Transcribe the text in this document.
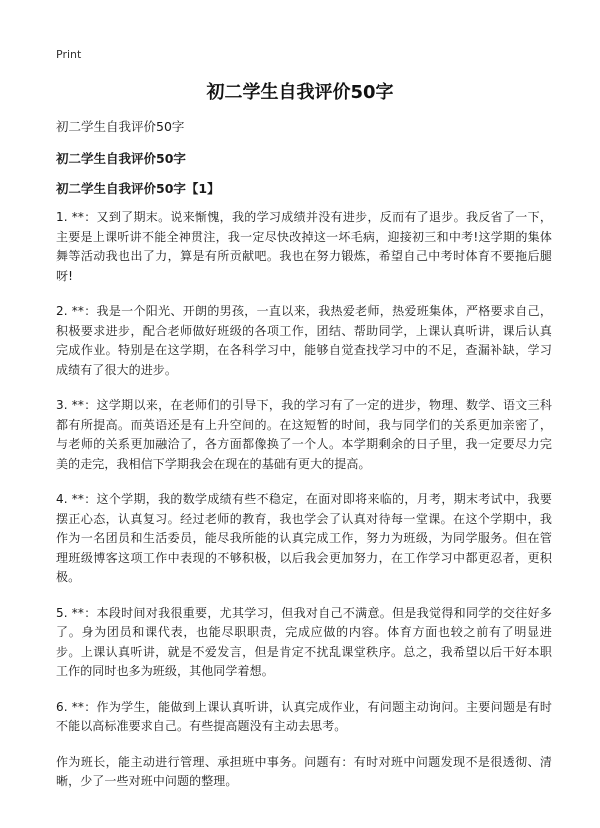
Print
初二学生自我评价50字

初二学生自我评价50字

初二学生自我评价50字

初二学生自我评价50字【1】

1. **：又到了期末。说来惭愧，我的学习成绩并没有进步，反而有了退步。我反省了一下，主要是上课听讲不能全神贯注，我一定尽快改掉这一坏毛病，迎接初三和中考!这学期的集体舞等活动我也出了力，算是有所贡献吧。我也在努力锻炼，希望自己中考时体育不要拖后腿呀!

2. **：我是一个阳光、开朗的男孩，一直以来，我热爱老师，热爱班集体，严格要求自己，积极要求进步，配合老师做好班级的各项工作，团结、帮助同学，上课认真听讲，课后认真完成作业。特别是在这学期，在各科学习中，能够自觉查找学习中的不足，查漏补缺，学习成绩有了很大的进步。

3. **：这学期以来，在老师们的引导下，我的学习有了一定的进步，物理、数学、语文三科都有所提高。而英语还是有上升空间的。在这短暂的时间，我与同学们的关系更加亲密了，与老师的关系更加融洽了，各方面都像换了一个人。本学期剩余的日子里，我一定要尽力完美的走完，我相信下学期我会在现在的基础有更大的提高。

4. **：这个学期，我的数学成绩有些不稳定，在面对即将来临的，月考，期末考试中，我要摆正心态，认真复习。经过老师的教育，我也学会了认真对待每一堂课。在这个学期中，我作为一名团员和生活委员，能尽我所能的认真完成工作，努力为班级，为同学服务。但在管理班级博客这项工作中表现的不够积极，以后我会更加努力，在工作学习中都更忍者，更积极。

5. **：本段时间对我很重要，尤其学习，但我对自己不满意。但是我觉得和同学的交往好多了。身为团员和课代表，也能尽职职责，完成应做的内容。体育方面也较之前有了明显进步。上课认真听讲，就是不爱发言，但是肯定不扰乱课堂秩序。总之，我希望以后干好本职工作的同时也多为班级，其他同学着想。

6. **：作为学生，能做到上课认真听讲，认真完成作业，有问题主动询问。主要问题是有时不能以高标准要求自己。有些提高题没有主动去思考。

作为班长，能主动进行管理、承担班中事务。问题有：有时对班中问题发现不是很透彻、清晰，少了一些对班中问题的整理。
